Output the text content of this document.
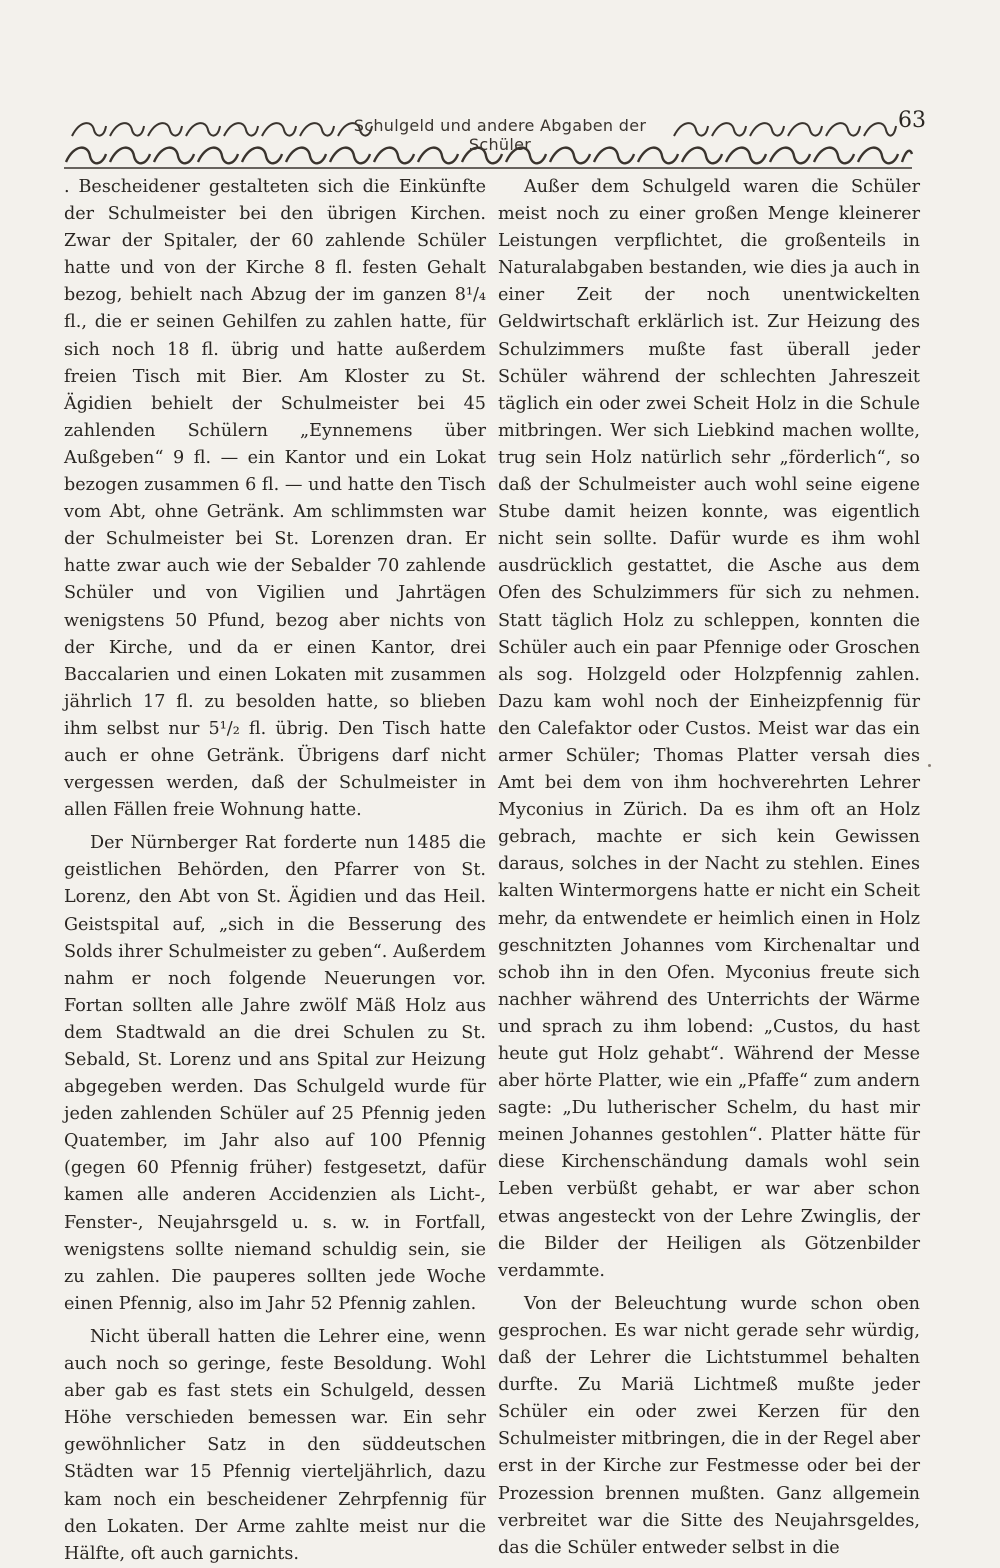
Schulgeld und andere Abgaben der Schüler
63

. Bescheidener gestalteten sich die Einkünfte der Schulmeister bei den übrigen Kirchen. Zwar der Spitaler, der 60 zahlende Schüler hatte und von der Kirche 8 fl. festen Gehalt bezog, behielt nach Abzug der im ganzen 8¹/₄ fl., die er seinen Gehilfen zu zahlen hatte, für sich noch 18 fl. übrig und hatte außerdem freien Tisch mit Bier. Am Kloster zu St. Ägidien behielt der Schulmeister bei 45 zahlenden Schülern „Eynnemens über Außgeben“ 9 fl. — ein Kantor und ein Lokat bezogen zusammen 6 fl. — und hatte den Tisch vom Abt, ohne Getränk. Am schlimmsten war der Schulmeister bei St. Lorenzen dran. Er hatte zwar auch wie der Sebalder 70 zahlende Schüler und von Vigilien und Jahrtägen wenigstens 50 Pfund, bezog aber nichts von der Kirche, und da er einen Kantor, drei Baccalarien und einen Lokaten mit zusammen jährlich 17 fl. zu besolden hatte, so blieben ihm selbst nur 5¹/₂ fl. übrig. Den Tisch hatte auch er ohne Getränk. Übrigens darf nicht vergessen werden, daß der Schulmeister in allen Fällen freie Wohnung hatte.

Der Nürnberger Rat forderte nun 1485 die geistlichen Behörden, den Pfarrer von St. Lorenz, den Abt von St. Ägidien und das Heil. Geistspital auf, „sich in die Besserung des Solds ihrer Schulmeister zu geben“. Außerdem nahm er noch folgende Neuerungen vor. Fortan sollten alle Jahre zwölf Mäß Holz aus dem Stadtwald an die drei Schulen zu St. Sebald, St. Lorenz und ans Spital zur Heizung abgegeben werden. Das Schulgeld wurde für jeden zahlenden Schüler auf 25 Pfennig jeden Quatember, im Jahr also auf 100 Pfennig (gegen 60 Pfennig früher) festgesetzt, dafür kamen alle anderen Accidenzien als Licht-, Fenster-, Neujahrsgeld u. s. w. in Fortfall, wenigstens sollte niemand schuldig sein, sie zu zahlen. Die pauperes sollten jede Woche einen Pfennig, also im Jahr 52 Pfennig zahlen.

Nicht überall hatten die Lehrer eine, wenn auch noch so geringe, feste Besoldung. Wohl aber gab es fast stets ein Schulgeld, dessen Höhe verschieden bemessen war. Ein sehr gewöhnlicher Satz in den süddeutschen Städten war 15 Pfennig vierteljährlich, dazu kam noch ein bescheidener Zehrpfennig für den Lokaten. Der Arme zahlte meist nur die Hälfte, oft auch garnichts.

Außer dem Schulgeld waren die Schüler meist noch zu einer großen Menge kleinerer Leistungen verpflichtet, die großenteils in Naturalabgaben bestanden, wie dies ja auch in einer Zeit der noch unentwickelten Geldwirtschaft erklärlich ist. Zur Heizung des Schulzimmers mußte fast überall jeder Schüler während der schlechten Jahreszeit täglich ein oder zwei Scheit Holz in die Schule mitbringen. Wer sich Liebkind machen wollte, trug sein Holz natürlich sehr „förderlich“, so daß der Schulmeister auch wohl seine eigene Stube damit heizen konnte, was eigentlich nicht sein sollte. Dafür wurde es ihm wohl ausdrücklich gestattet, die Asche aus dem Ofen des Schulzimmers für sich zu nehmen. Statt täglich Holz zu schleppen, konnten die Schüler auch ein paar Pfennige oder Groschen als sog. Holzgeld oder Holzpfennig zahlen. Dazu kam wohl noch der Einheizpfennig für den Calefaktor oder Custos. Meist war das ein armer Schüler; Thomas Platter versah dies Amt bei dem von ihm hochverehrten Lehrer Myconius in Zürich. Da es ihm oft an Holz gebrach, machte er sich kein Gewissen daraus, solches in der Nacht zu stehlen. Eines kalten Wintermorgens hatte er nicht ein Scheit mehr, da entwendete er heimlich einen in Holz geschnitzten Johannes vom Kirchenaltar und schob ihn in den Ofen. Myconius freute sich nachher während des Unterrichts der Wärme und sprach zu ihm lobend: „Custos, du hast heute gut Holz gehabt“. Während der Messe aber hörte Platter, wie ein „Pfaffe“ zum andern sagte: „Du lutherischer Schelm, du hast mir meinen Johannes gestohlen“. Platter hätte für diese Kirchenschändung damals wohl sein Leben verbüßt gehabt, er war aber schon etwas angesteckt von der Lehre Zwinglis, der die Bilder der Heiligen als Götzenbilder verdammte.

Von der Beleuchtung wurde schon oben gesprochen. Es war nicht gerade sehr würdig, daß der Lehrer die Lichtstummel behalten durfte. Zu Mariä Lichtmeß mußte jeder Schüler ein oder zwei Kerzen für den Schulmeister mitbringen, die in der Regel aber erst in der Kirche zur Festmesse oder bei der Prozession brennen mußten. Ganz allgemein verbreitet war die Sitte des Neujahrsgeldes, das die Schüler entweder selbst in die
